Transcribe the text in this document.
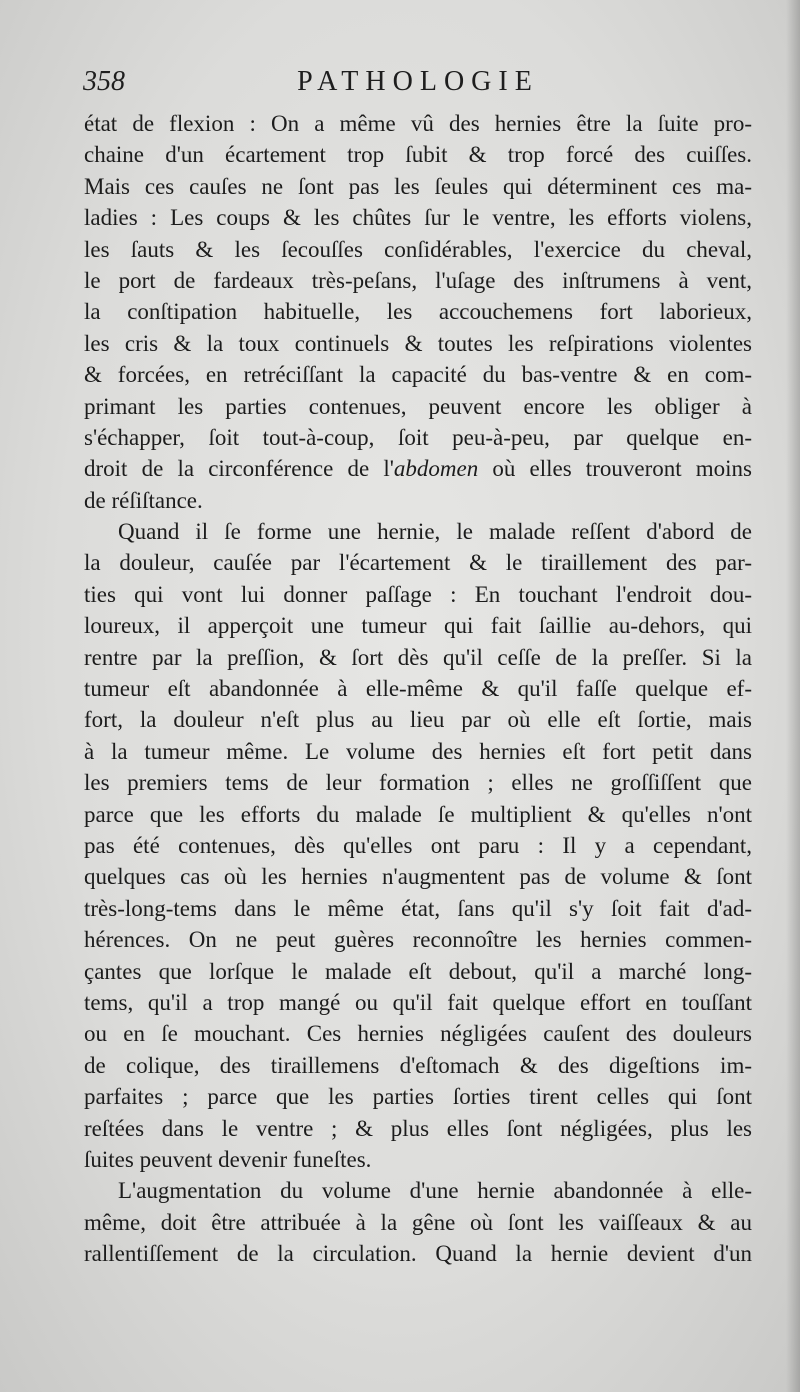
358	PATHOLOGIE
état de flexion : On a même vû des hernies être la ſuite pro-
chaine d'un écartement trop ſubit & trop forcé des cuiſſes.
Mais ces cauſes ne ſont pas les ſeules qui déterminent ces ma-
ladies : Les coups & les chûtes ſur le ventre, les efforts violens,
les ſauts & les ſecouſſes conſidérables, l'exercice du cheval,
le port de fardeaux très-peſans, l'uſage des inſtrumens à vent,
la conſtipation habituelle, les accouchemens fort laborieux,
les cris & la toux continuels & toutes les reſpirations violentes
& forcées, en retréciſſant la capacité du bas-ventre & en com-
primant les parties contenues, peuvent encore les obliger à
s'échapper, ſoit tout-à-coup, ſoit peu-à-peu, par quelque en-
droit de la circonférence de l'abdomen où elles trouveront moins
de réſiſtance.
Quand il ſe forme une hernie, le malade reſſent d'abord de
la douleur, cauſée par l'écartement & le tiraillement des par-
ties qui vont lui donner paſſage : En touchant l'endroit dou-
loureux, il apperçoit une tumeur qui fait ſaillie au-dehors, qui
rentre par la preſſion, & ſort dès qu'il ceſſe de la preſſer. Si la
tumeur eſt abandonnée à elle-même & qu'il faſſe quelque ef-
fort, la douleur n'eſt plus au lieu par où elle eſt ſortie, mais
à la tumeur même. Le volume des hernies eſt fort petit dans
les premiers tems de leur formation ; elles ne groſſiſſent que
parce que les efforts du malade ſe multiplient & qu'elles n'ont
pas été contenues, dès qu'elles ont paru : Il y a cependant,
quelques cas où les hernies n'augmentent pas de volume & ſont
très-long-tems dans le même état, ſans qu'il s'y ſoit fait d'ad-
hérences. On ne peut guères reconnoître les hernies commen-
çantes que lorſque le malade eſt debout, qu'il a marché long-
tems, qu'il a trop mangé ou qu'il fait quelque effort en touſſant
ou en ſe mouchant. Ces hernies négligées cauſent des douleurs
de colique, des tiraillemens d'eſtomach & des digeſtions im-
parfaites ; parce que les parties ſorties tirent celles qui ſont
reſtées dans le ventre ; & plus elles ſont négligées, plus les
ſuites peuvent devenir funeſtes.
L'augmentation du volume d'une hernie abandonnée à elle-
même, doit être attribuée à la gêne où ſont les vaiſſeaux & au
rallentiſſement de la circulation. Quand la hernie devient d'un
